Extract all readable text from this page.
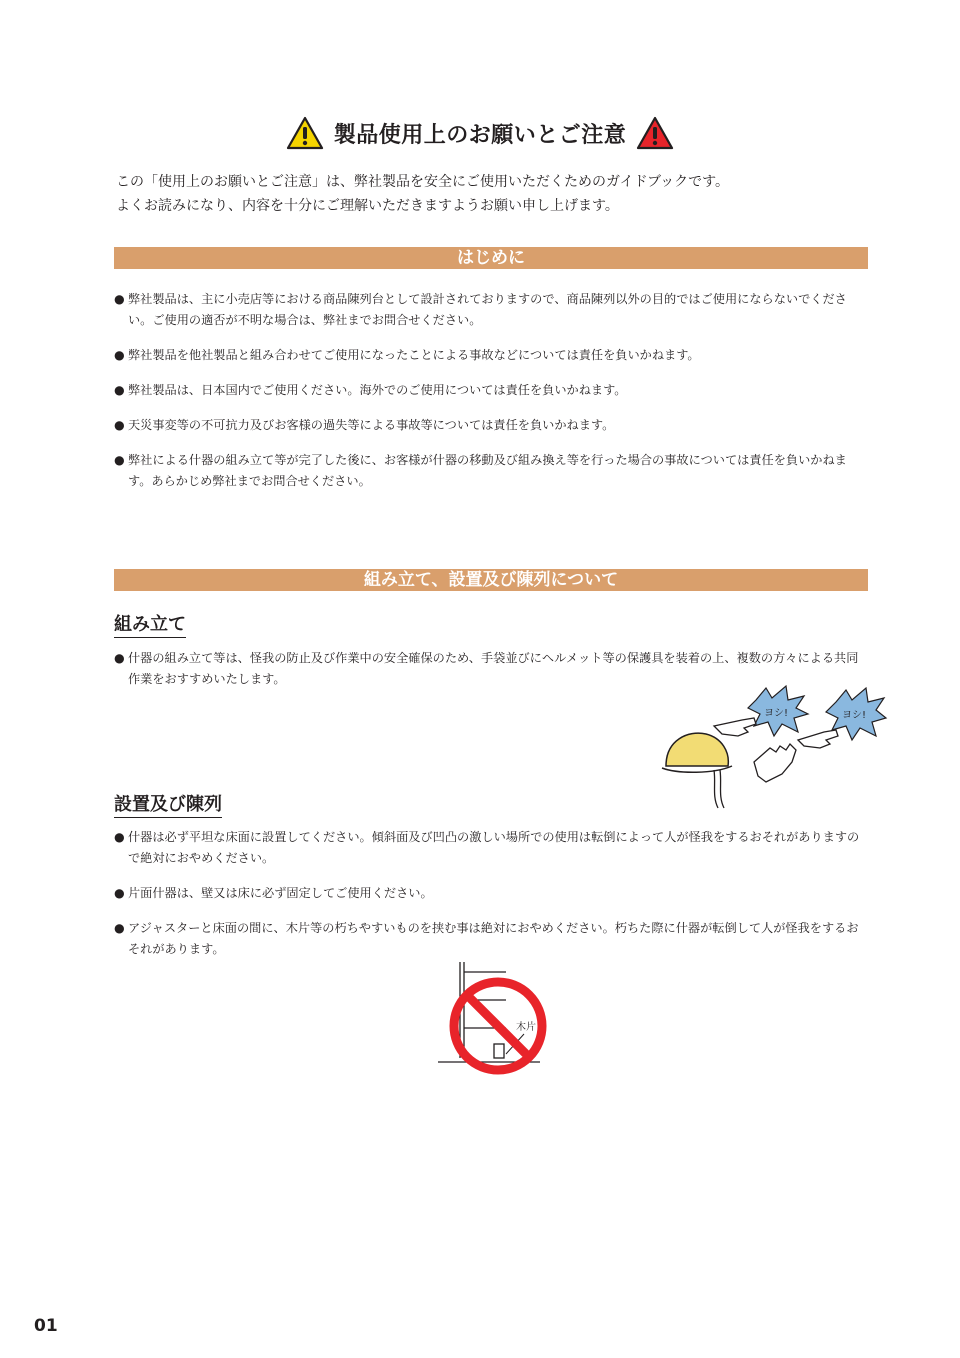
製品使用上のお願いとご注意
この「使用上のお願いとご注意」は、弊社製品を安全にご使用いただくためのガイドブックです。
よくお読みになり、内容を十分にご理解いただきますようお願い申し上げます。
はじめに
● 弊社製品は、主に小売店等における商品陳列台として設計されておりますので、商品陳列以外の目的ではご使用にならないでください。ご使用の適否が不明な場合は、弊社までお問合せください。
● 弊社製品を他社製品と組み合わせてご使用になったことによる事故などについては責任を負いかねます。
● 弊社製品は、日本国内でご使用ください。海外でのご使用については責任を負いかねます。
● 天災事変等の不可抗力及びお客様の過失等による事故等については責任を負いかねます。
● 弊社による什器の組み立て等が完了した後に、お客様が什器の移動及び組み換え等を行った場合の事故については責任を負いかねます。あらかじめ弊社までお問合せください。
組み立て、設置及び陳列について
組み立て
● 什器の組み立て等は、怪我の防止及び作業中の安全確保のため、手袋並びにヘルメット等の保護具を装着の上、複数の方々による共同作業をおすすめいたします。
ヨシ!	ヨシ!
設置及び陳列
● 什器は必ず平坦な床面に設置してください。傾斜面及び凹凸の激しい場所での使用は転倒によって人が怪我をするおそれがありますので絶対におやめください。
● 片面什器は、壁又は床に必ず固定してご使用ください。
● アジャスターと床面の間に、木片等の朽ちやすいものを挟む事は絶対におやめください。朽ちた際に什器が転倒して人が怪我をするおそれがあります。
木片
01
